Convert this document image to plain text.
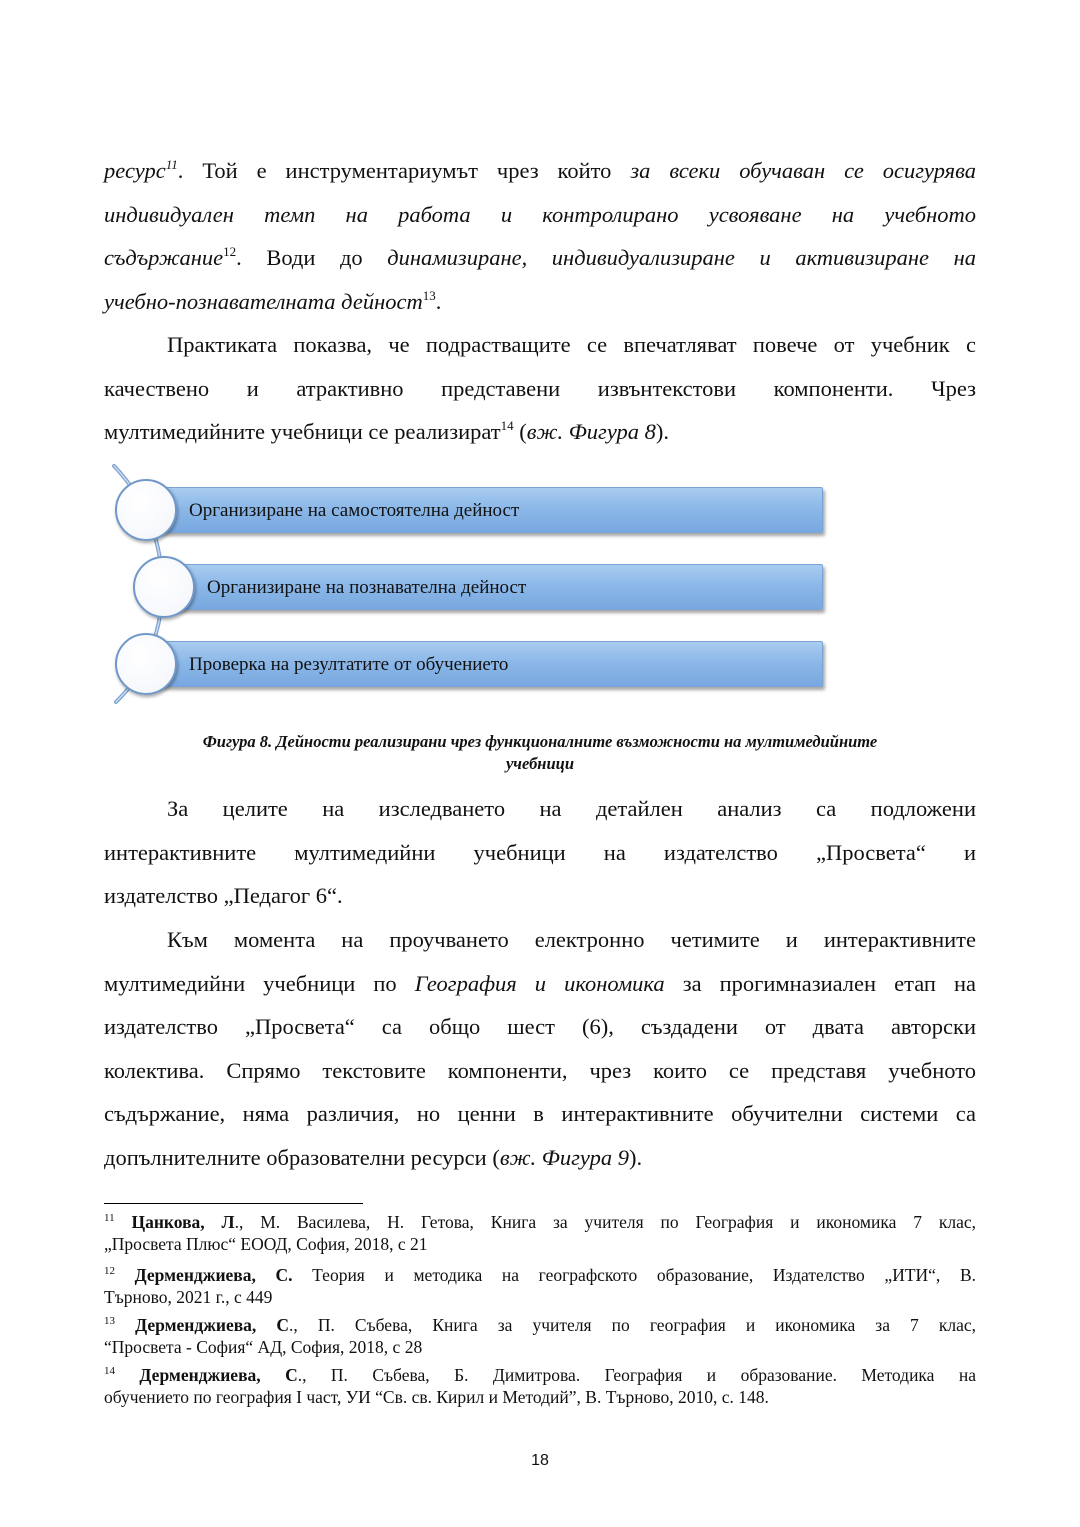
ресурс$^{11}$. Той е инструментариумът чрез който за всеки обучаван се осигурява
индивидуален темп на работа и контролирано усвояване на учебното
съдържание$^{12}$. Води до динамизиране, индивидуализиране и активизиране на
учебно-познавателната дейност$^{13}$.
Практиката показва, че подрастващите се впечатляват повече от учебник с
качествено и атрактивно представени извънтекстови компоненти. Чрез
мултимедийните учебници се реализират$^{14}$ (вж. Фигура 8).
Организиране на самостоятелна дейност
Организиране на познавателна дейност
Проверка на резултатите от обучението
Фигура 8. Дейности реализирани чрез функционалните възможности на мултимедийните
учебници
За целите на изследването на детайлен анализ са подложени
интерактивните мултимедийни учебници на издателство „Просвета“ и
издателство „Педагог 6“.
Към момента на проучването електронно четимите и интерактивните
мултимедийни учебници по География и икономика за прогимназиален етап на
издателство „Просвета“ са общо шест (6), създадени от двата авторски
колектива. Спрямо текстовите компоненти, чрез които се представя учебното
съдържание, няма различия, но ценни в интерактивните обучителни системи са
допълнителните образователни ресурси (вж. Фигура 9).
$^{11}$ Цанкова, Л., М. Василева, Н. Гетова, Книга за учителя по География и икономика 7 клас,
„Просвета Плюс“ ЕООД, София, 2018, с 21
$^{12}$ Дерменджиева, С. Теория и методика на географското образование, Издателство „ИТИ“, В.
Търново, 2021 г., с 449
$^{13}$ Дерменджиева, С., П. Събева, Книга за учителя по география и икономика за 7 клас,
“Просвета - София“ АД, София, 2018, с 28
$^{14}$ Дерменджиева, С., П. Събева, Б. Димитрова. География и образование. Методика на
обучението по география I част, УИ “Св. св. Кирил и Методий”, В. Търново, 2010, с. 148.
18
